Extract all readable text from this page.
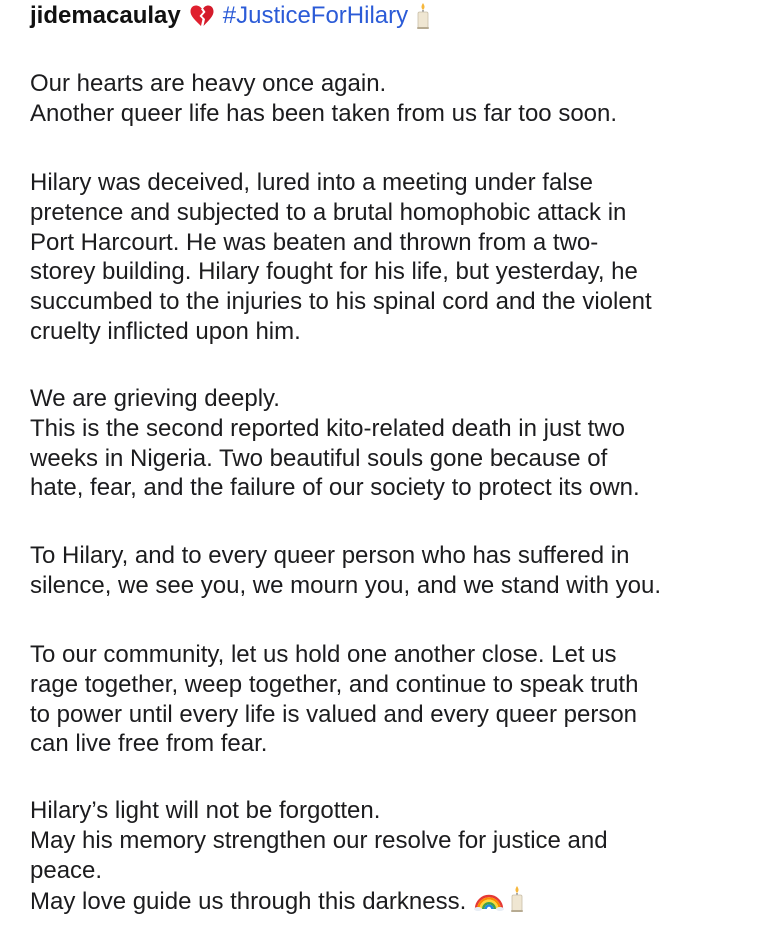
jidemacaulay #JusticeForHilary

Our hearts are heavy once again.
Another queer life has been taken from us far too soon.

Hilary was deceived, lured into a meeting under false
pretence and subjected to a brutal homophobic attack in
Port Harcourt. He was beaten and thrown from a two-
storey building. Hilary fought for his life, but yesterday, he
succumbed to the injuries to his spinal cord and the violent
cruelty inflicted upon him.

We are grieving deeply.
This is the second reported kito-related death in just two
weeks in Nigeria. Two beautiful souls gone because of
hate, fear, and the failure of our society to protect its own.

To Hilary, and to every queer person who has suffered in
silence, we see you, we mourn you, and we stand with you.

To our community, let us hold one another close. Let us
rage together, weep together, and continue to speak truth
to power until every life is valued and every queer person
can live free from fear.

Hilary’s light will not be forgotten.
May his memory strengthen our resolve for justice and
peace.
May love guide us through this darkness.
